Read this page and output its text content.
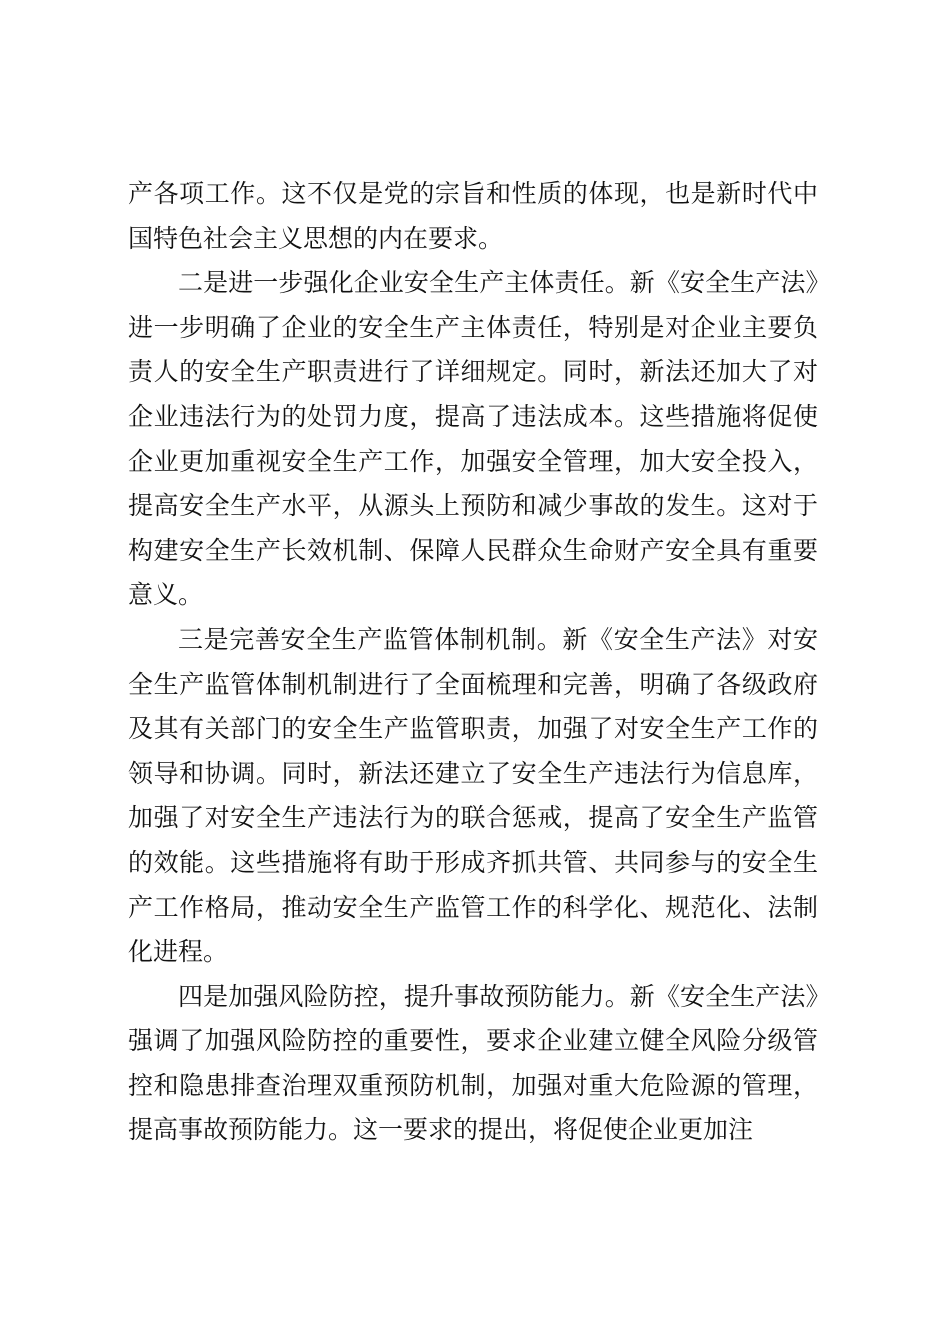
产各项工作。这不仅是党的宗旨和性质的体现，也是新时代中国特色社会主义思想的内在要求。

二是进一步强化企业安全生产主体责任。新《安全生产法》进一步明确了企业的安全生产主体责任，特别是对企业主要负责人的安全生产职责进行了详细规定。同时，新法还加大了对企业违法行为的处罚力度，提高了违法成本。这些措施将促使企业更加重视安全生产工作，加强安全管理，加大安全投入，提高安全生产水平，从源头上预防和减少事故的发生。这对于构建安全生产长效机制、保障人民群众生命财产安全具有重要意义。

三是完善安全生产监管体制机制。新《安全生产法》对安全生产监管体制机制进行了全面梳理和完善，明确了各级政府及其有关部门的安全生产监管职责，加强了对安全生产工作的领导和协调。同时，新法还建立了安全生产违法行为信息库，加强了对安全生产违法行为的联合惩戒，提高了安全生产监管的效能。这些措施将有助于形成齐抓共管、共同参与的安全生产工作格局，推动安全生产监管工作的科学化、规范化、法制化进程。

四是加强风险防控，提升事故预防能力。新《安全生产法》强调了加强风险防控的重要性，要求企业建立健全风险分级管控和隐患排查治理双重预防机制，加强对重大危险源的管理，提高事故预防能力。这一要求的提出，将促使企业更加注
